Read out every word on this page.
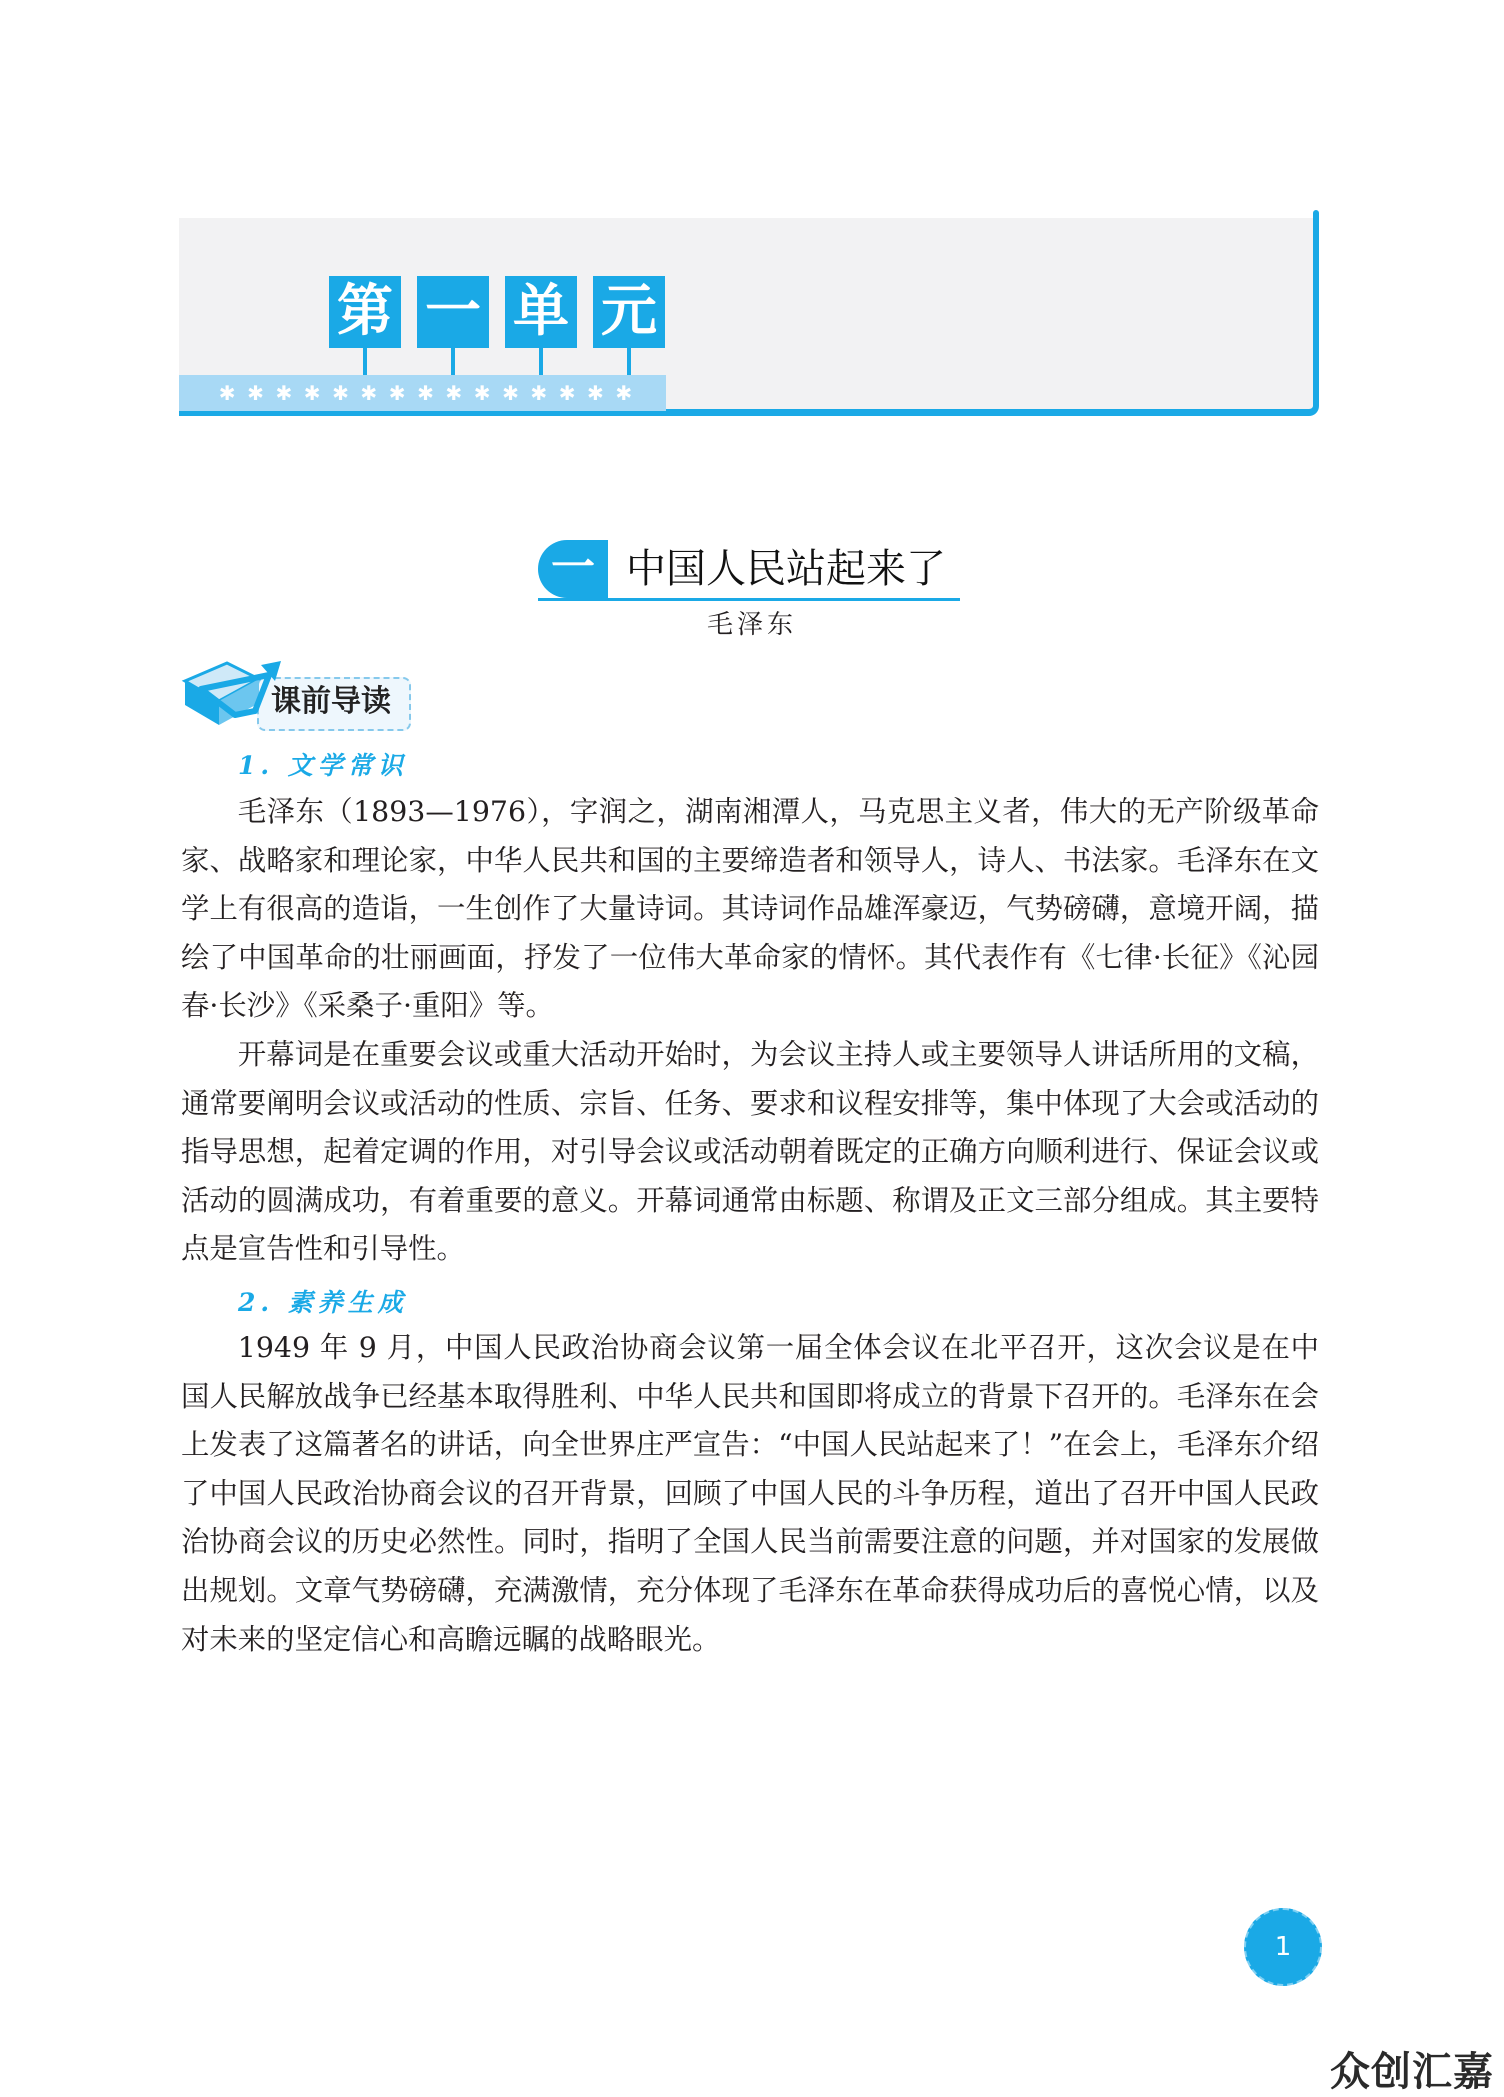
✱ ✱ ✱ ✱ ✱ ✱ ✱ ✱ ✱ ✱ ✱ ✱ ✱ ✱ ✱
第 一 单 元
一 中国人民站起来了
毛泽东
课前导读
1. 文学常识

毛泽东（1893—1976），字润之，湖南湘潭人，马克思主义者，伟大的无产阶级革命家、战略家和理论家，中华人民共和国的主要缔造者和领导人，诗人、书法家。毛泽东在文学上有很高的造诣，一生创作了大量诗词。其诗词作品雄浑豪迈，气势磅礴，意境开阔，描绘了中国革命的壮丽画面，抒发了一位伟大革命家的情怀。其代表作有《七律·长征》《沁园春·长沙》《采桑子·重阳》等。

开幕词是在重要会议或重大活动开始时，为会议主持人或主要领导人讲话所用的文稿，通常要阐明会议或活动的性质、宗旨、任务、要求和议程安排等，集中体现了大会或活动的指导思想，起着定调的作用，对引导会议或活动朝着既定的正确方向顺利进行、保证会议或活动的圆满成功，有着重要的意义。开幕词通常由标题、称谓及正文三部分组成。其主要特点是宣告性和引导性。

2. 素养生成

1949 年 9 月，中国人民政治协商会议第一届全体会议在北平召开，这次会议是在中国人民解放战争已经基本取得胜利、中华人民共和国即将成立的背景下召开的。毛泽东在会上发表了这篇著名的讲话，向全世界庄严宣告：“中国人民站起来了！”在会上，毛泽东介绍了中国人民政治协商会议的召开背景，回顾了中国人民的斗争历程，道出了召开中国人民政治协商会议的历史必然性。同时，指明了全国人民当前需要注意的问题，并对国家的发展做出规划。文章气势磅礴，充满激情，充分体现了毛泽东在革命获得成功后的喜悦心情，以及对未来的坚定信心和高瞻远瞩的战略眼光。

1
众创汇嘉
